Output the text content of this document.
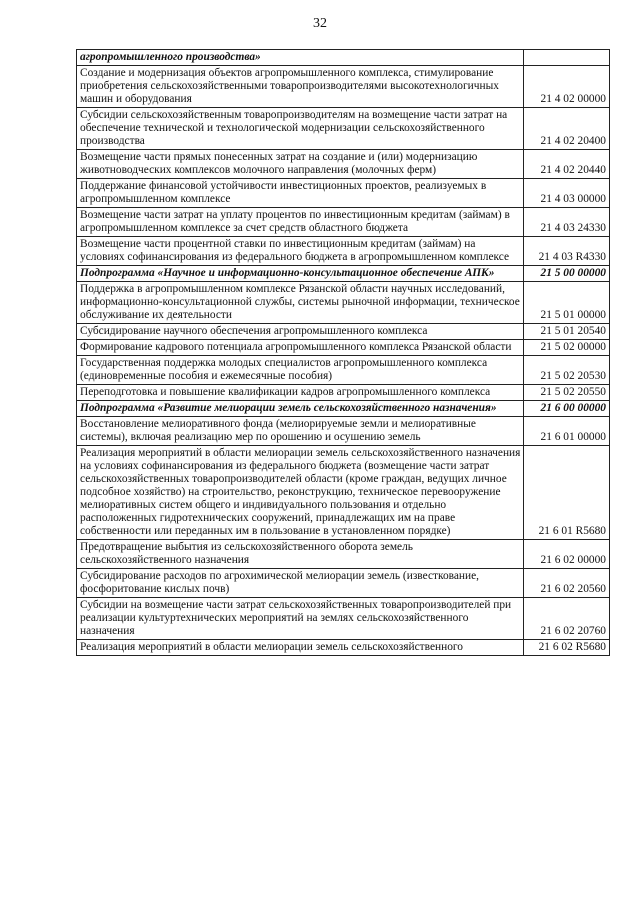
32
агропромышленного производства»	
Создание и модернизация объектов агропромышленного комплекса, стимулирование приобретения сельскохозяйственными товаропроизводителями высокотехнологичных машин и оборудования	21 4 02 00000
Субсидии сельскохозяйственным товаропроизводителям на возмещение части затрат на обеспечение технической и технологической модернизации сельскохозяйственного производства	21 4 02 20400
Возмещение части прямых понесенных затрат на создание и (или) модернизацию животноводческих комплексов молочного направления (молочных ферм)	21 4 02 20440
Поддержание финансовой устойчивости инвестиционных проектов, реализуемых в агропромышленном комплексе	21 4 03 00000
Возмещение части затрат на уплату процентов по инвестиционным кредитам (займам) в агропромышленном комплексе за счет средств областного бюджета	21 4 03 24330
Возмещение части процентной ставки по инвестиционным кредитам (займам) на условиях софинансирования из федерального бюджета в агропромышленном комплексе	21 4 03 R4330
Подпрограмма «Научное и информационно-консультационное обеспечение АПК»	21 5 00 00000
Поддержка в агропромышленном комплексе Рязанской области научных исследований, информационно-консультационной службы, системы рыночной информации, техническое обслуживание их деятельности	21 5 01 00000
Субсидирование научного обеспечения агропромышленного комплекса	21 5 01 20540
Формирование кадрового потенциала агропромышленного комплекса Рязанской области	21 5 02 00000
Государственная поддержка молодых специалистов агропромышленного комплекса (единовременные пособия и ежемесячные пособия)	21 5 02 20530
Переподготовка и повышение квалификации кадров агропромышленного комплекса	21 5 02 20550
Подпрограмма «Развитие мелиорации земель сельскохозяйственного назначения»	21 6 00 00000
Восстановление мелиоративного фонда (мелиорируемые земли и мелиоративные системы), включая реализацию мер по орошению и осушению земель	21 6 01 00000
Реализация мероприятий в области мелиорации земель сельскохозяйственного назначения на условиях софинансирования из федерального бюджета (возмещение части затрат сельскохозяйственных товаропроизводителей области (кроме граждан, ведущих личное подсобное хозяйство) на строительство, реконструкцию, техническое перевооружение мелиоративных систем общего и индивидуального пользования и отдельно расположенных гидротехнических сооружений, принадлежащих им на праве собственности или переданных им в пользование в установленном порядке)	21 6 01 R5680
Предотвращение выбытия из сельскохозяйственного оборота земель сельскохозяйственного назначения	21 6 02 00000
Субсидирование расходов по агрохимической мелиорации земель (известкование, фосфоритование кислых почв)	21 6 02 20560
Субсидии на возмещение части затрат сельскохозяйственных товаропроизводителей при реализации культуртехнических мероприятий на землях сельскохозяйственного назначения	21 6 02 20760
Реализация мероприятий в области мелиорации земель сельскохозяйственного	21 6 02 R5680
